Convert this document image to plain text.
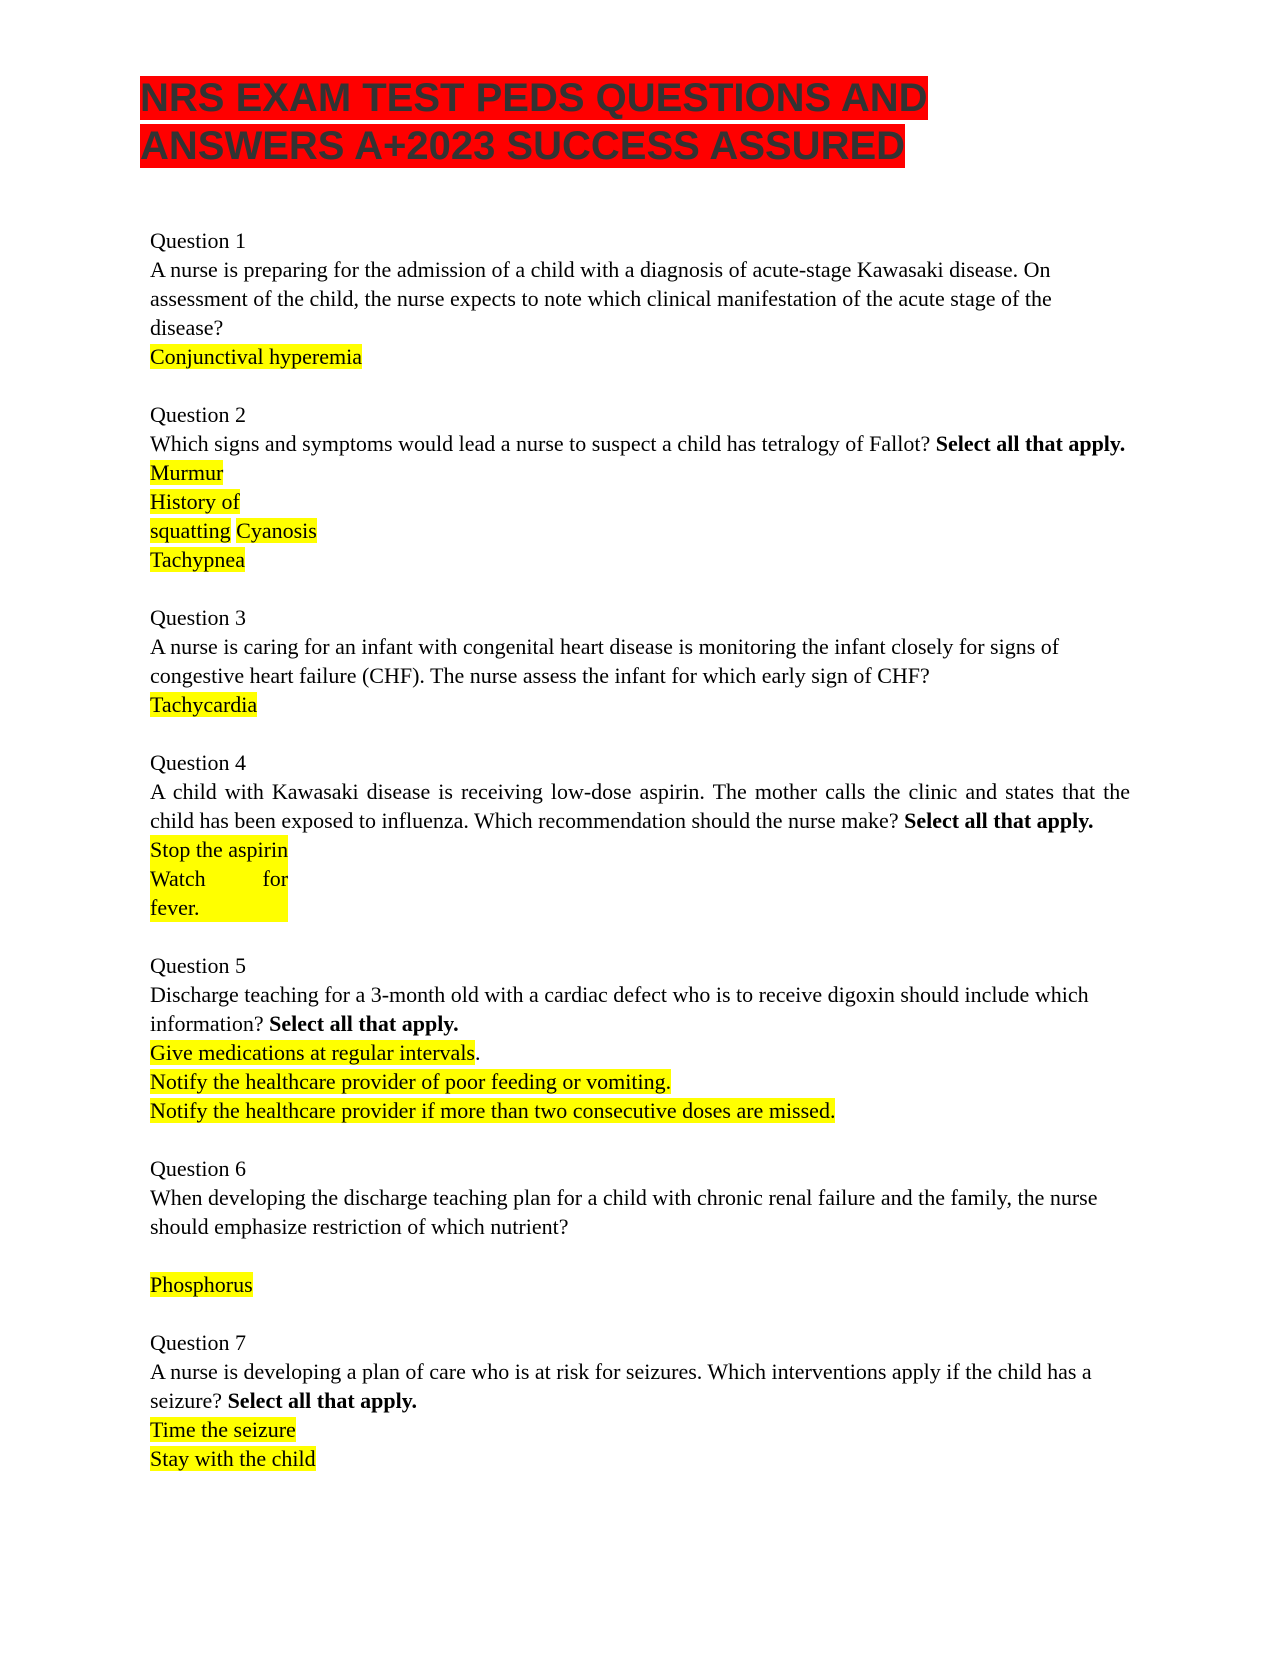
NRS EXAM TEST PEDS QUESTIONS AND ANSWERS A+2023 SUCCESS ASSURED
Question 1
A nurse is preparing for the admission of a child with a diagnosis of acute-stage Kawasaki disease. On assessment of the child, the nurse expects to note which clinical manifestation of the acute stage of the disease?
Conjunctival hyperemia
Question 2
Which signs and symptoms would lead a nurse to suspect a child has tetralogy of Fallot? Select all that apply.
Murmur
History of
squatting Cyanosis
Tachypnea
Question 3
A nurse is caring for an infant with congenital heart disease is monitoring the infant closely for signs of congestive heart failure (CHF). The nurse assess the infant for which early sign of CHF?
Tachycardia
Question 4
A child with Kawasaki disease is receiving low-dose aspirin. The mother calls the clinic and states that the child has been exposed to influenza. Which recommendation should the nurse make? Select all that apply.
Stop the aspirin
Watch for
fever.
Question 5
Discharge teaching for a 3-month old with a cardiac defect who is to receive digoxin should include which information? Select all that apply.
Give medications at regular intervals.
Notify the healthcare provider of poor feeding or vomiting.
Notify the healthcare provider if more than two consecutive doses are missed.
Question 6
When developing the discharge teaching plan for a child with chronic renal failure and the family, the nurse should emphasize restriction of which nutrient?
Phosphorus
Question 7
A nurse is developing a plan of care who is at risk for seizures. Which interventions apply if the child has a seizure? Select all that apply.
Time the seizure
Stay with the child
